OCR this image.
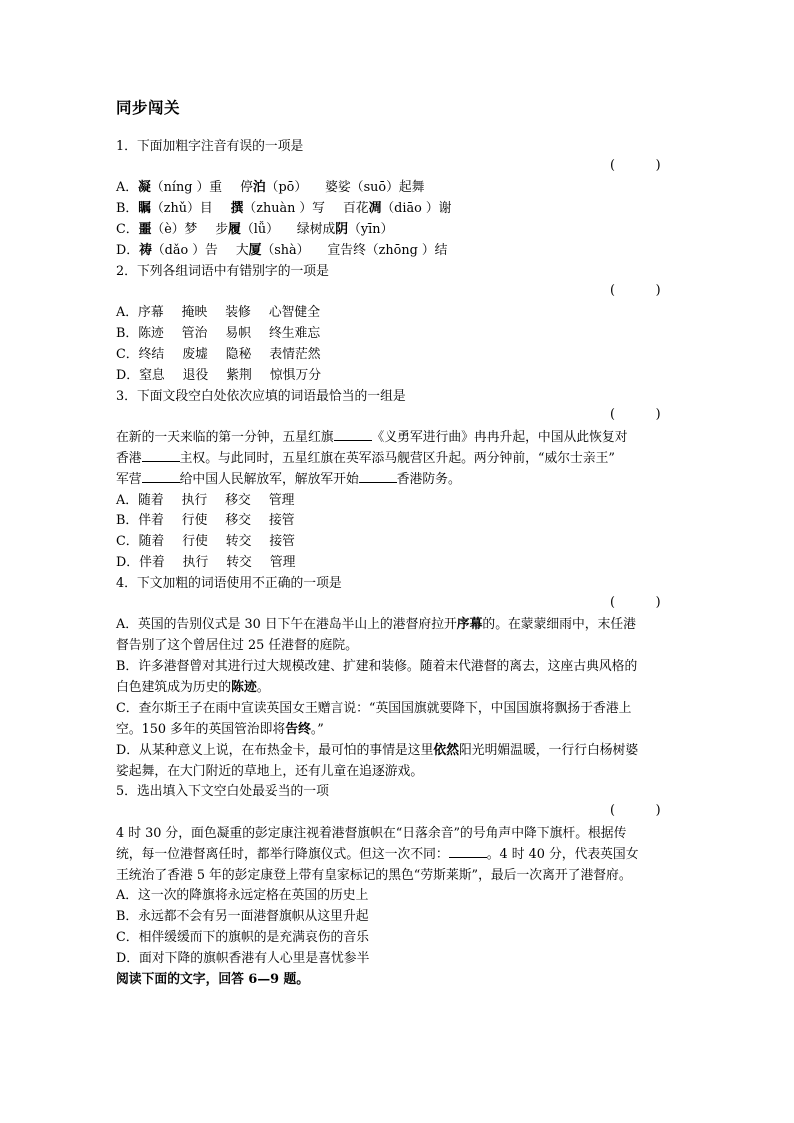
同步闯关
1．下面加粗字注音有误的一项是
(          )
A．凝（níng ）重 停泊（pō） 婆娑（suō）起舞
B．瞩（zhǔ）目 撰（zhuàn ）写 百花凋（diāo ）谢
C．噩（è）梦 步履（lǚ） 绿树成阴（yīn）
D．祷（dǎo ）告 大厦（shà） 宣告终（zhōng ）结
2．下列各组词语中有错别字的一项是
(          )
A．序幕 掩映 装修 心智健全
B．陈迹 管治 易帜 终生难忘
C．终结 废墟 隐秘 表情茫然
D．窒息 退役 紫荆 惊惧万分
3．下面文段空白处依次应填的词语最恰当的一组是
(          )
在新的一天来临的第一分钟，五星红旗	《义勇军进行曲》冉冉升起，中国从此恢复对
香港	主权。与此同时，五星红旗在英军添马舰营区升起。两分钟前，“威尔士亲王”
军营	给中国人民解放军，解放军开始	香港防务。
A．随着 执行 移交 管理
B．伴着 行使 移交 接管
C．随着 行使 转交 接管
D．伴着 执行 转交 管理
4．下文加粗的词语使用不正确的一项是
(          )
A．英国的告别仪式是 30 日下午在港岛半山上的港督府拉开序幕的。在蒙蒙细雨中，末任港
督告别了这个曾居住过 25 任港督的庭院。
B．许多港督曾对其进行过大规模改建、扩建和装修。随着末代港督的离去，这座古典风格的
白色建筑成为历史的陈迹。
C．查尔斯王子在雨中宣读英国女王赠言说：“英国国旗就要降下，中国国旗将飘扬于香港上
空。150 多年的英国管治即将告终。”
D．从某种意义上说，在布热金卡，最可怕的事情是这里依然阳光明媚温暖，一行行白杨树婆
娑起舞，在大门附近的草地上，还有儿童在追逐游戏。
5．选出填入下文空白处最妥当的一项
(          )
4 时 30 分，面色凝重的彭定康注视着港督旗帜在“日落余音”的号角声中降下旗杆。根据传
统，每一位港督离任时，都举行降旗仪式。但这一次不同：	。4 时 40 分，代表英国女
王统治了香港 5 年的彭定康登上带有皇家标记的黑色“劳斯莱斯”，最后一次离开了港督府。
A．这一次的降旗将永远定格在英国的历史上
B．永远都不会有另一面港督旗帜从这里升起
C．相伴缓缓而下的旗帜的是充满哀伤的音乐
D．面对下降的旗帜香港有人心里是喜忧参半
阅读下面的文字，回答 6—9 题。
